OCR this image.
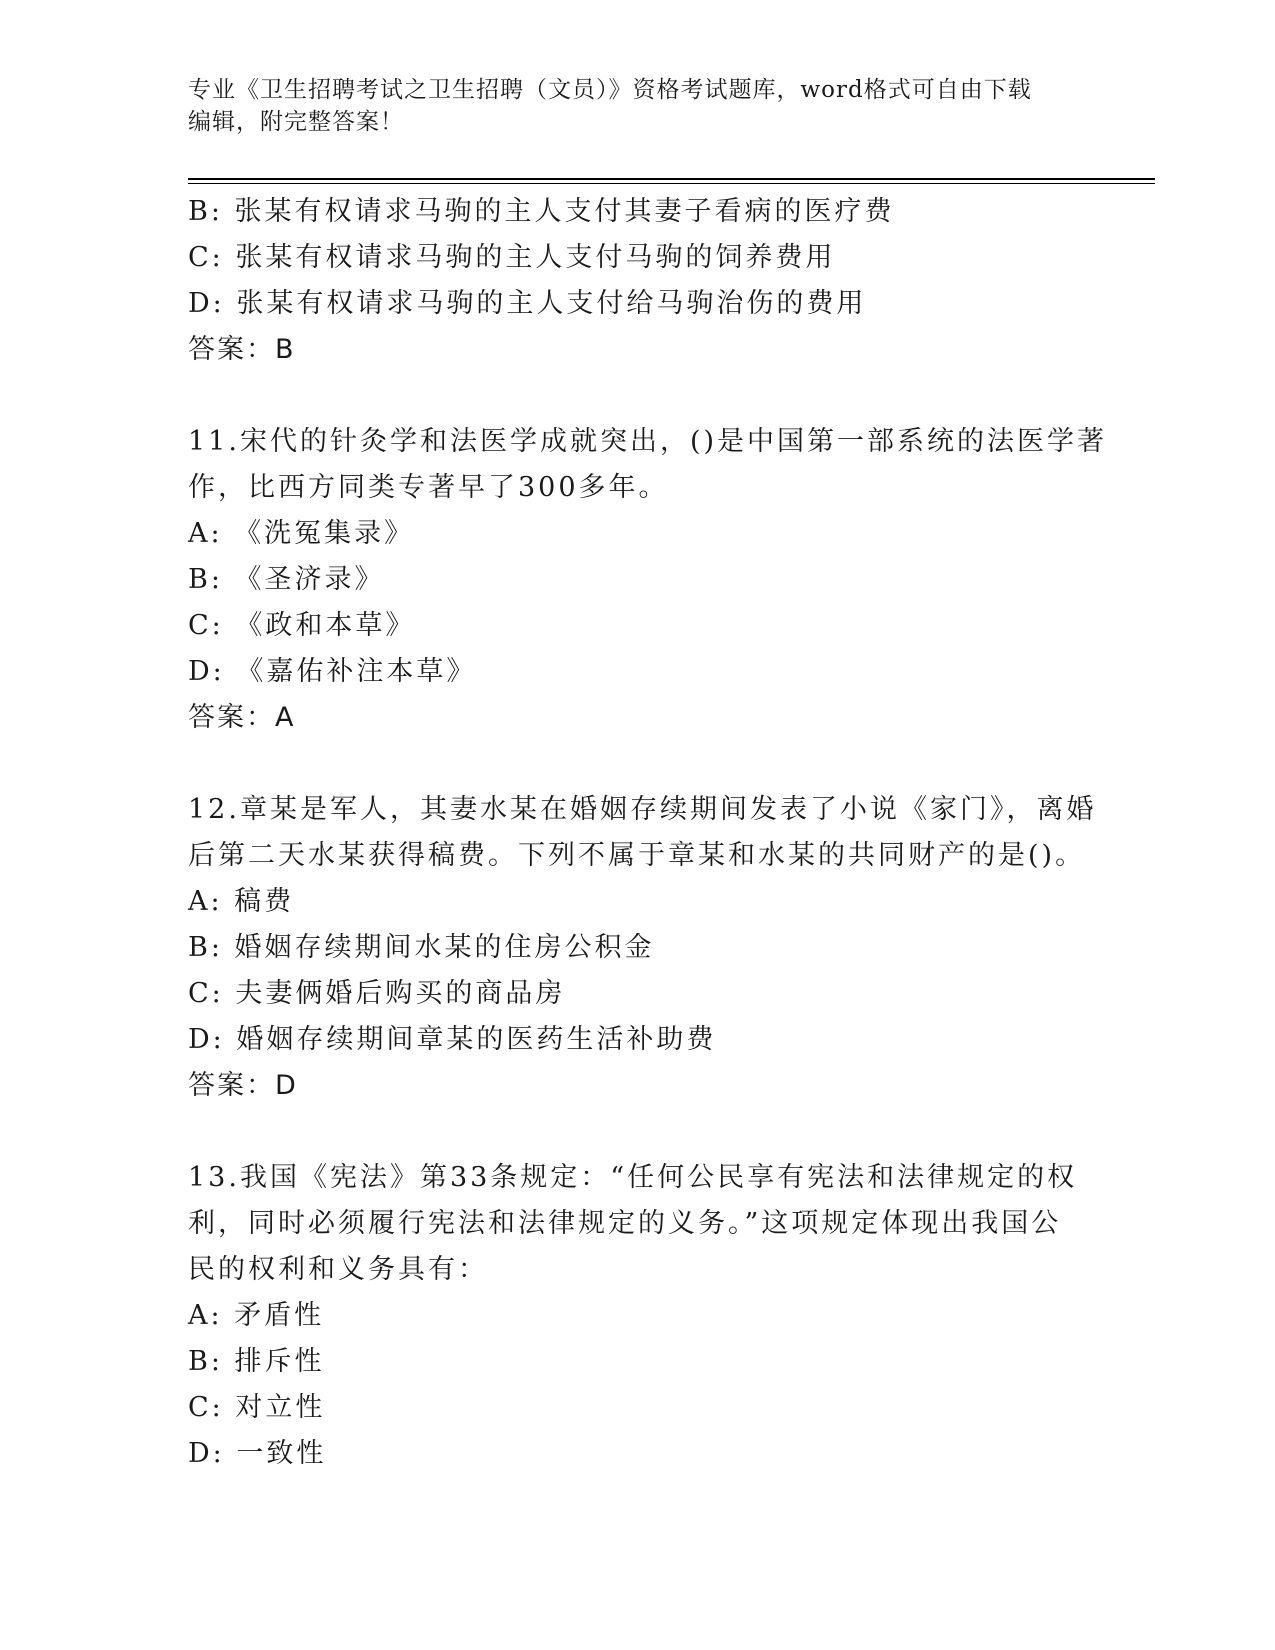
专业《卫生招聘考试之卫生招聘（文员）》资格考试题库，word格式可自由下载
编辑，附完整答案！
B: 张某有权请求马驹的主人支付其妻子看病的医疗费
C: 张某有权请求马驹的主人支付马驹的饲养费用
D: 张某有权请求马驹的主人支付给马驹治伤的费用
答案：B
11.宋代的针灸学和法医学成就突出，()是中国第一部系统的法医学著
作，比西方同类专著早了300多年。
A: 《洗冤集录》
B: 《圣济录》
C: 《政和本草》
D: 《嘉佑补注本草》
答案：A
12.章某是军人，其妻水某在婚姻存续期间发表了小说《家门》，离婚
后第二天水某获得稿费。下列不属于章某和水某的共同财产的是()。
A: 稿费
B: 婚姻存续期间水某的住房公积金
C: 夫妻俩婚后购买的商品房
D: 婚姻存续期间章某的医药生活补助费
答案：D
13.我国《宪法》第33条规定：“任何公民享有宪法和法律规定的权
利，同时必须履行宪法和法律规定的义务。”这项规定体现出我国公
民的权利和义务具有：
A: 矛盾性
B: 排斥性
C: 对立性
D: 一致性
